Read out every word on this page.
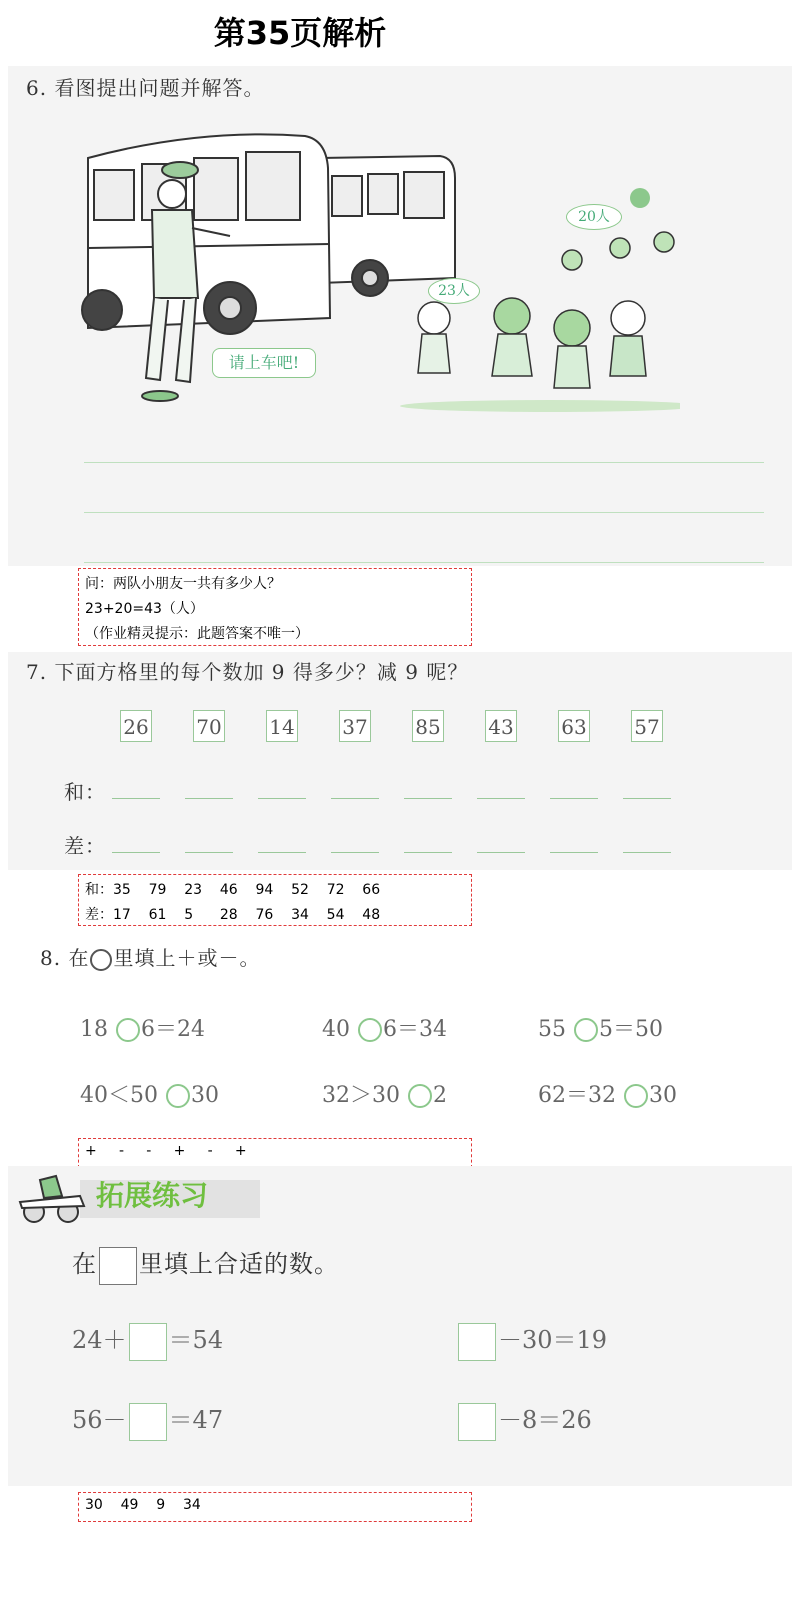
第35页解析
6. 看图提出问题并解答。
23人
20人
请上车吧!
问：两队小朋友一共有多少人？
23+20=43（人）
（作业精灵提示：此题答案不唯一）
7. 下面方格里的每个数加 9 得多少？减 9 呢？
26 70 14 37 85 43 63 57
和：
差：
和：35    79    23    46    94    52    72    66
差：17    61    5      28    76    34    54    48
8. 在 里填上＋或－。
18 6＝24	40 6＝34	55 5＝50
40＜50 30	32＞30 2	62＝32 30
+     -     -     +     -     +
拓展练习
在 里填上合适的数。
24＋ ＝54	－30＝19
56－ ＝47	－8＝26
30    49    9    34
